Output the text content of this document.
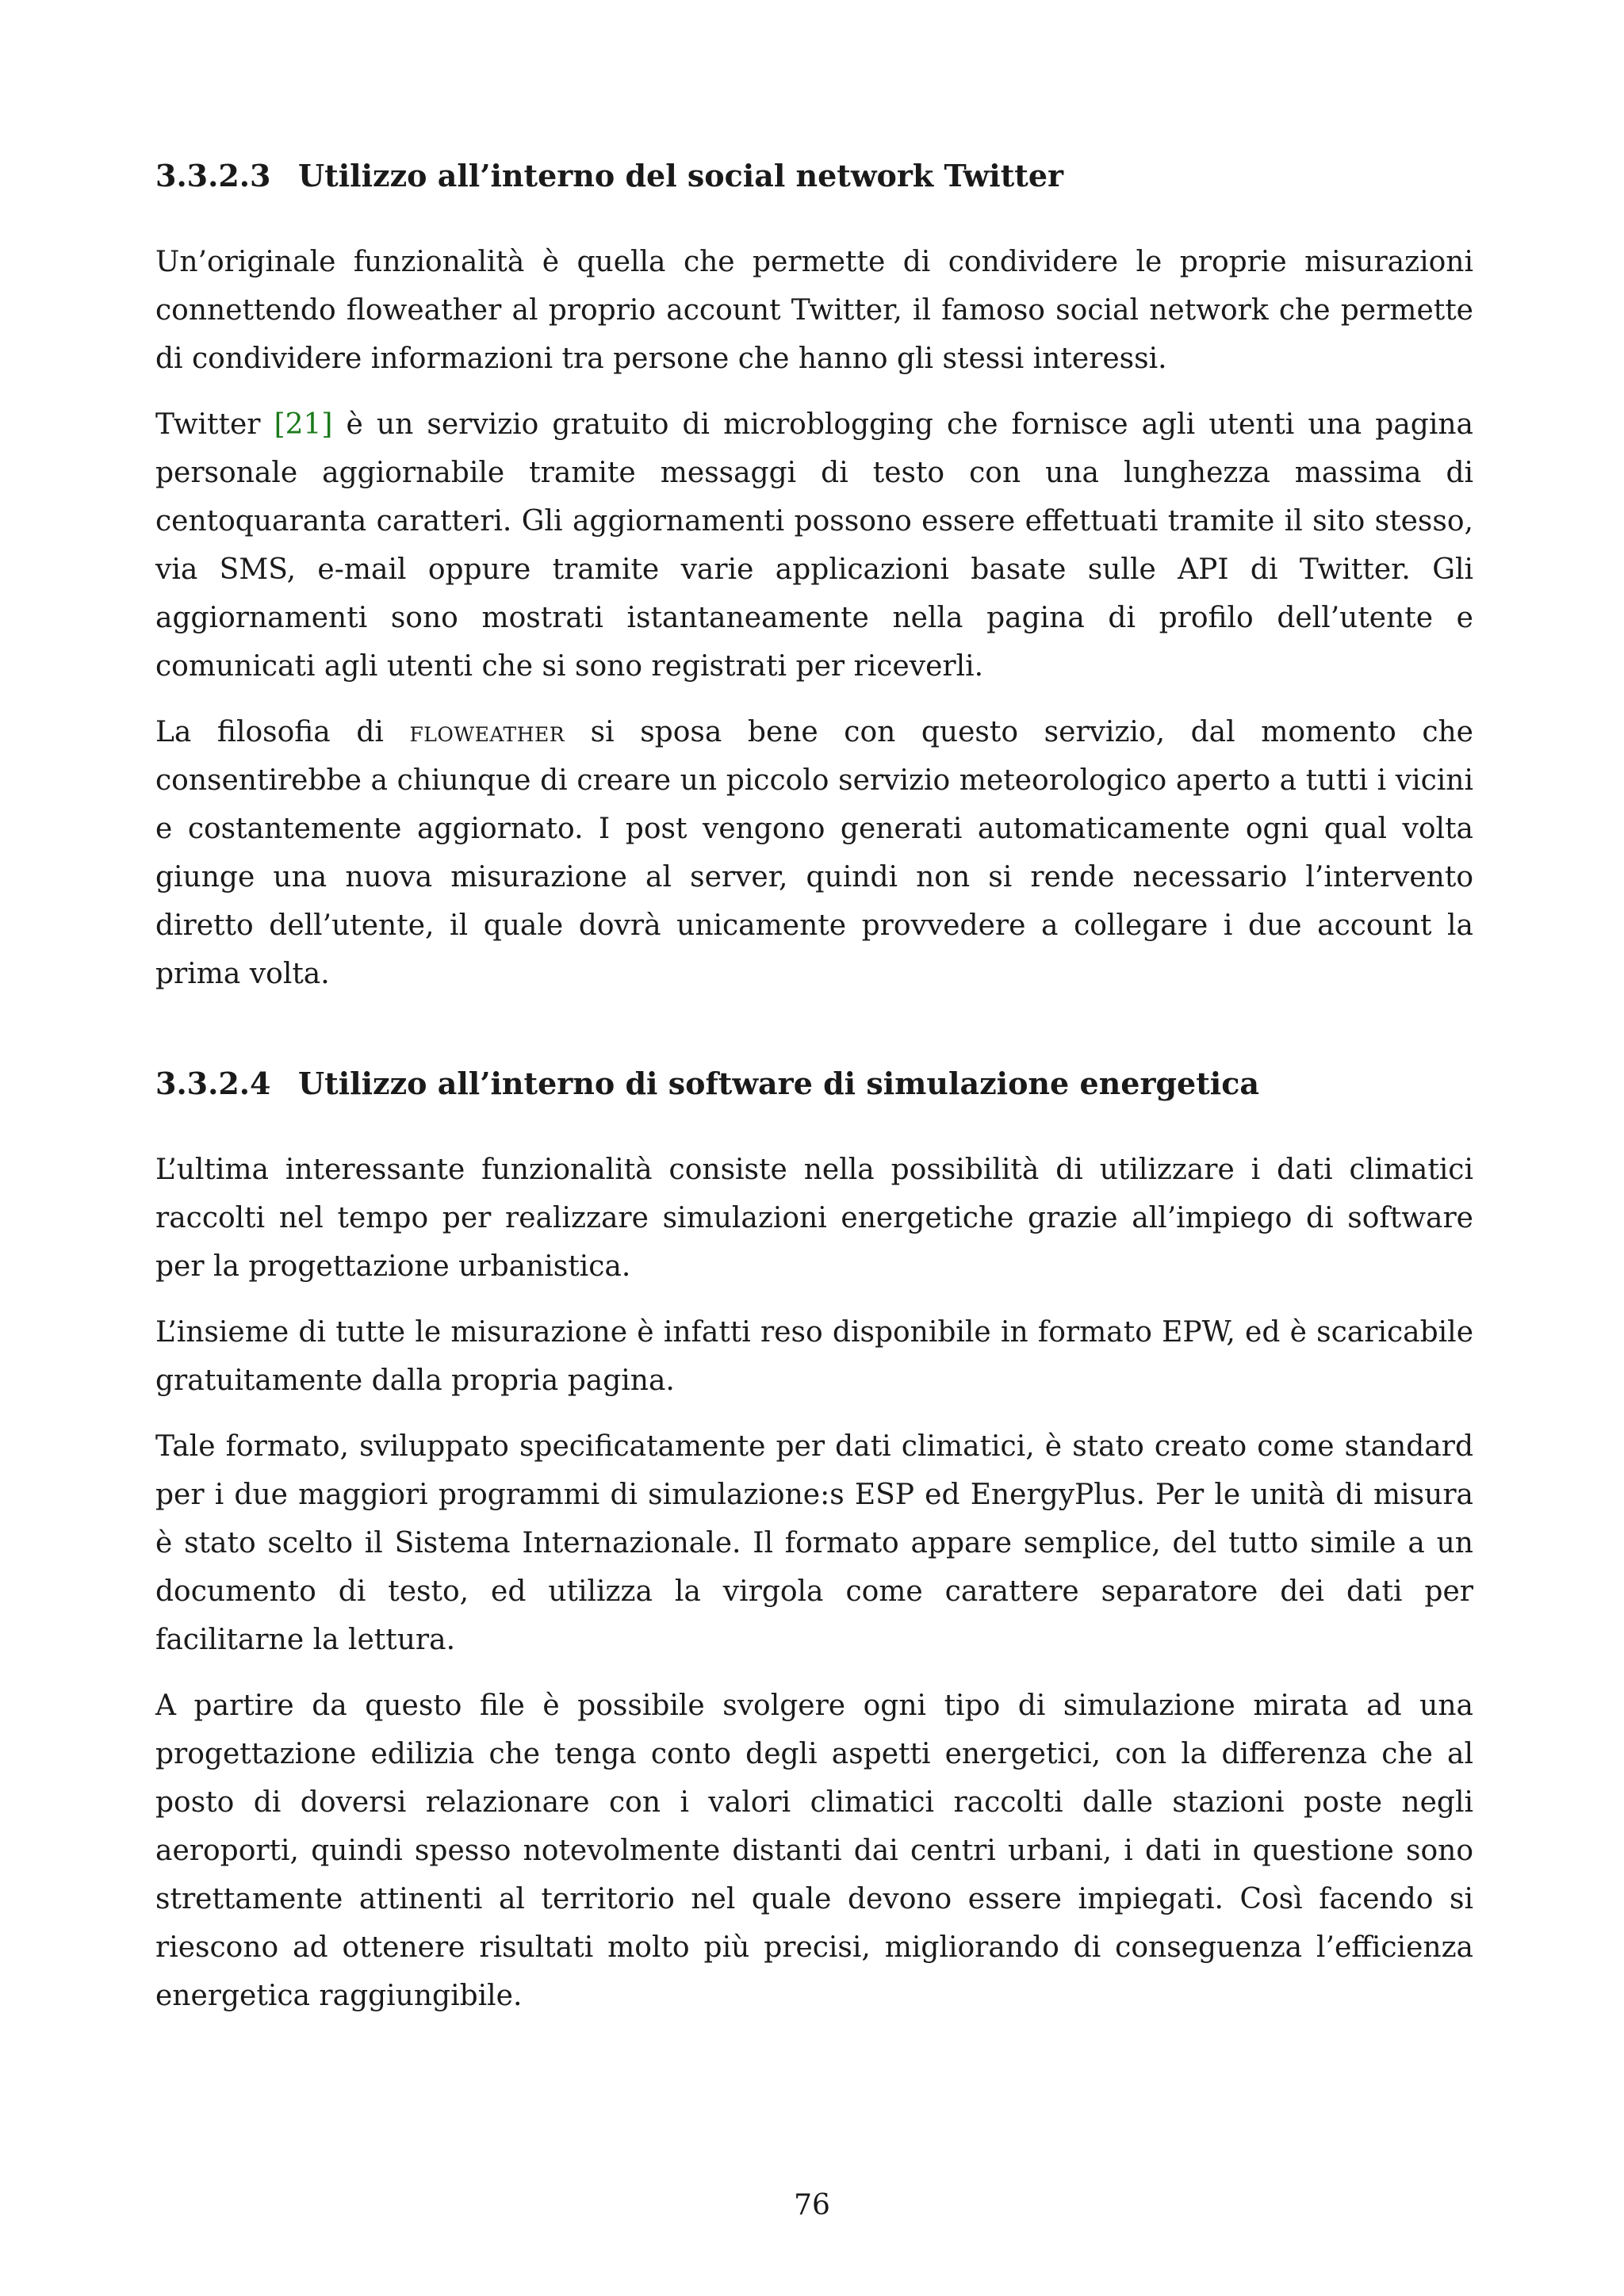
3.3.2.3 Utilizzo all’interno del social network Twitter

Un’originale funzionalità è quella che permette di condividere le proprie misurazioni connettendo floweather al proprio account Twitter, il famoso social network che permette di condividere informazioni tra persone che hanno gli stessi interessi.

Twitter [21] è un servizio gratuito di microblogging che fornisce agli utenti una pagina personale aggiornabile tramite messaggi di testo con una lunghezza massima di centoquaranta caratteri. Gli aggiornamenti possono essere effettuati tramite il sito stesso, via SMS, e-mail oppure tramite varie applicazioni basate sulle API di Twitter. Gli aggiornamenti sono mostrati istantaneamente nella pagina di profilo dell’utente e comunicati agli utenti che si sono registrati per riceverli.

La filosofia di floweather si sposa bene con questo servizio, dal momento che consentirebbe a chiunque di creare un piccolo servizio meteorologico aperto a tutti i vicini e costantemente aggiornato. I post vengono generati automaticamente ogni qual volta giunge una nuova misurazione al server, quindi non si rende necessario l’intervento diretto dell’utente, il quale dovrà unicamente provvedere a collegare i due account la prima volta.

3.3.2.4 Utilizzo all’interno di software di simulazione energetica

L’ultima interessante funzionalità consiste nella possibilità di utilizzare i dati climatici raccolti nel tempo per realizzare simulazioni energetiche grazie all’impiego di software per la progettazione urbanistica.

L’insieme di tutte le misurazione è infatti reso disponibile in formato EPW, ed è scaricabile gratuitamente dalla propria pagina.

Tale formato, sviluppato specificatamente per dati climatici, è stato creato come standard per i due maggiori programmi di simulazione:s ESP ed EnergyPlus. Per le unità di misura è stato scelto il Sistema Internazionale. Il formato appare semplice, del tutto simile a un documento di testo, ed utilizza la virgola come carattere separatore dei dati per facilitarne la lettura.

A partire da questo file è possibile svolgere ogni tipo di simulazione mirata ad una progettazione edilizia che tenga conto degli aspetti energetici, con la differenza che al posto di doversi relazionare con i valori climatici raccolti dalle stazioni poste negli aeroporti, quindi spesso notevolmente distanti dai centri urbani, i dati in questione sono strettamente attinenti al territorio nel quale devono essere impiegati. Così facendo si riescono ad ottenere risultati molto più precisi, migliorando di conseguenza l’efficienza energetica raggiungibile.

76
